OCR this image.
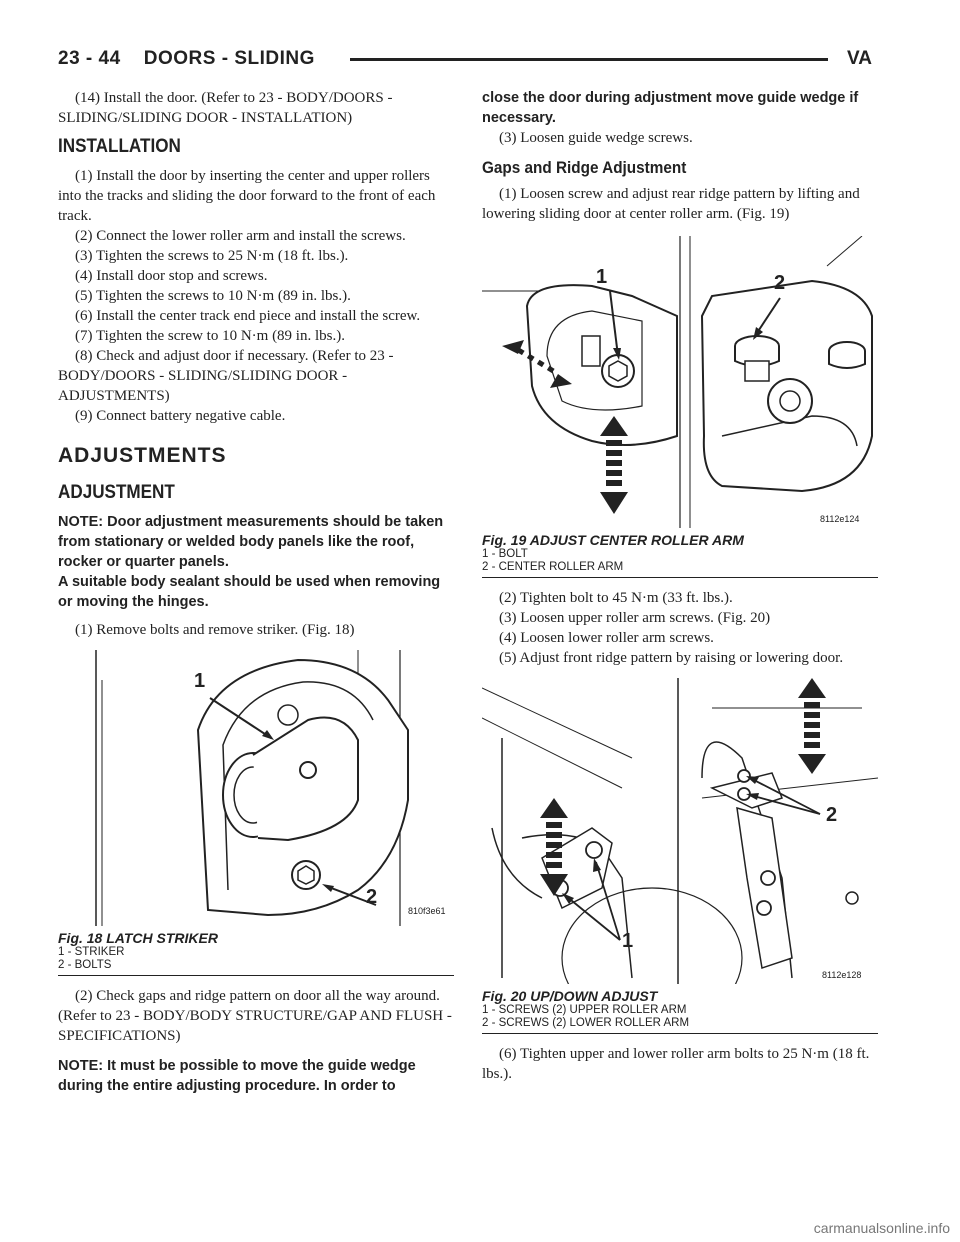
23 - 44    DOORS - SLIDING	VA

(14) Install the door. (Refer to 23 - BODY/DOORS - SLIDING/SLIDING DOOR - INSTALLATION)

INSTALLATION

(1) Install the door by inserting the center and upper rollers into the tracks and sliding the door forward to the front of each track.

(2) Connect the lower roller arm and install the screws.

(3) Tighten the screws to 25 N·m (18 ft. lbs.).

(4) Install door stop and screws.

(5) Tighten the screws to 10 N·m (89 in. lbs.).

(6) Install the center track end piece and install the screw.

(7) Tighten the screw to 10 N·m (89 in. lbs.).

(8) Check and adjust door if necessary. (Refer to 23 - BODY/DOORS - SLIDING/SLIDING DOOR - ADJUSTMENTS)

(9) Connect battery negative cable.

ADJUSTMENTS
ADJUSTMENT
NOTE: Door adjustment measurements should be taken from stationary or welded body panels like the roof, rocker or quarter panels.
A suitable body sealant should be used when removing or moving the hinges.

(1) Remove bolts and remove striker. (Fig. 18)

1
2
810f3e61
Fig. 18 LATCH STRIKER
1 - STRIKER
2 - BOLTS

(2) Check gaps and ridge pattern on door all the way around. (Refer to 23 - BODY/BODY STRUCTURE/GAP AND FLUSH - SPECIFICATIONS)

NOTE: It must be possible to move the guide wedge during the entire adjusting procedure. In order to
close the door during adjustment move guide wedge if necessary.

(3) Loosen guide wedge screws.

Gaps and Ridge Adjustment

(1) Loosen screw and adjust rear ridge pattern by lifting and lowering sliding door at center roller arm. (Fig. 19)

1	2
8112e124
Fig. 19 ADJUST CENTER ROLLER ARM
1 - BOLT
2 - CENTER ROLLER ARM

(2) Tighten bolt to 45 N·m (33 ft. lbs.).

(3) Loosen upper roller arm screws. (Fig. 20)

(4) Loosen lower roller arm screws.

(5) Adjust front ridge pattern by raising or lowering door.

1
2
8112e128
Fig. 20 UP/DOWN ADJUST
1 - SCREWS (2) UPPER ROLLER ARM
2 - SCREWS (2) LOWER ROLLER ARM

(6) Tighten upper and lower roller arm bolts to 25 N·m (18 ft. lbs.).

carmanualsonline.info
